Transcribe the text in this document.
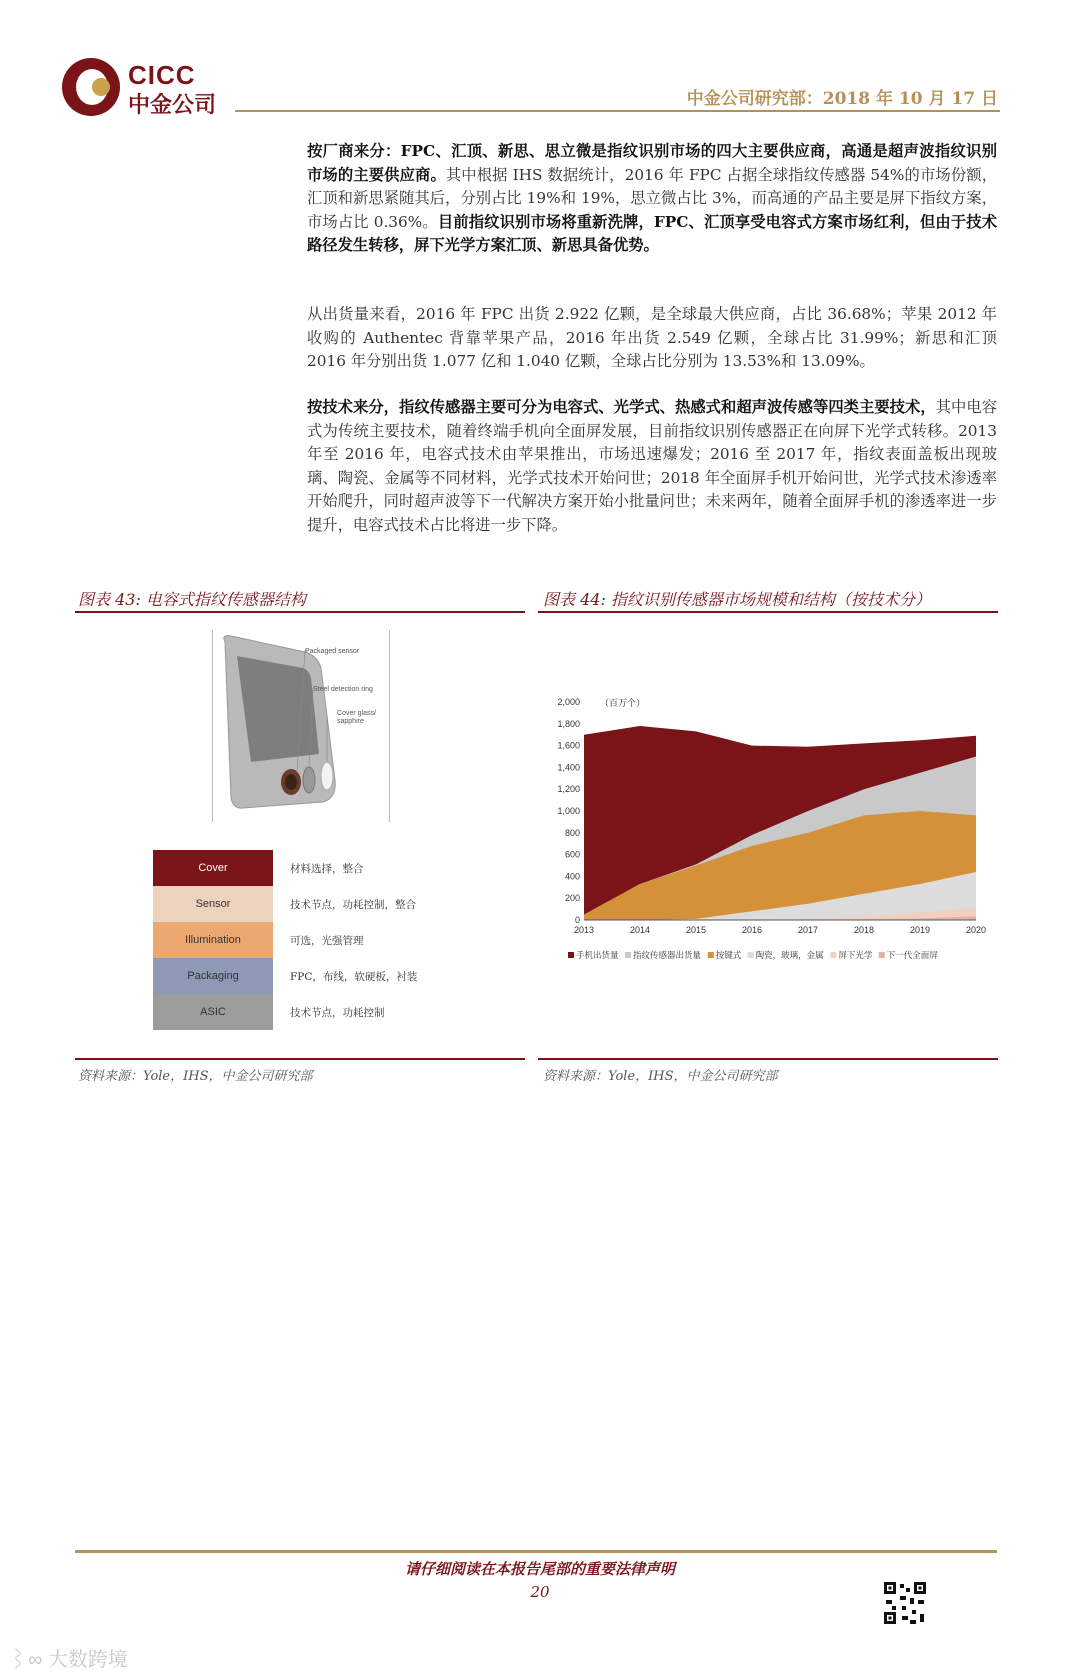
CICC
中金公司	中金公司研究部：2018 年 10 月 17 日
按厂商来分：FPC、汇顶、新思、思立微是指纹识别市场的四大主要供应商，高通是超声波指纹识别市场的主要供应商。其中根据 IHS 数据统计，2016 年 FPC 占据全球指纹传感器 54%的市场份额，汇顶和新思紧随其后，分别占比 19%和 19%，思立微占比 3%，而高通的产品主要是屏下指纹方案，市场占比 0.36%。目前指纹识别市场将重新洗牌，FPC、汇顶享受电容式方案市场红利，但由于技术路径发生转移，屏下光学方案汇顶、新思具备优势。
从出货量来看，2016 年 FPC 出货 2.922 亿颗，是全球最大供应商，占比 36.68%；苹果 2012 年收购的 Authentec 背靠苹果产品，2016 年出货 2.549 亿颗，全球占比 31.99%；新思和汇顶 2016 年分别出货 1.077 亿和 1.040 亿颗，全球占比分别为 13.53%和 13.09%。
按技术来分，指纹传感器主要可分为电容式、光学式、热感式和超声波传感等四类主要技术，其中电容式为传统主要技术，随着终端手机向全面屏发展，目前指纹识别传感器正在向屏下光学式转移。2013 年至 2016 年，电容式技术由苹果推出，市场迅速爆发；2016 至 2017 年，指纹表面盖板出现玻璃、陶瓷、金属等不同材料，光学式技术开始问世；2018 年全面屏手机开始问世，光学式技术渗透率开始爬升，同时超声波等下一代解决方案开始小批量问世；未来两年，随着全面屏手机的渗透率进一步提升，电容式技术占比将进一步下降。
图表 43: 电容式指纹传感器结构
Packaged sensor
Steel detection ring
Cover glass/ sapphire
Cover	材料选择，整合
Sensor	技术节点，功耗控制，整合
Illumination	可选，光强管理
Packaging	FPC，布线，软硬板，衬装
ASIC	技术节点，功耗控制
资料来源：Yole，IHS，中金公司研究部
图表 44: 指纹识别传感器市场规模和结构（按技术分）
（百万个）
0
200
400
600
800
1,000
1,200
1,400
1,600
1,800
2,000
2013	2014	2015	2016	2017	2018	2019	2020
手机出货量 指纹传感器出货量 按键式 陶瓷，玻璃，金属 屏下光学 下一代全面屏
资料来源：Yole，IHS，中金公司研究部
请仔细阅读在本报告尾部的重要法律声明
20
⌇∞ 大数跨境
